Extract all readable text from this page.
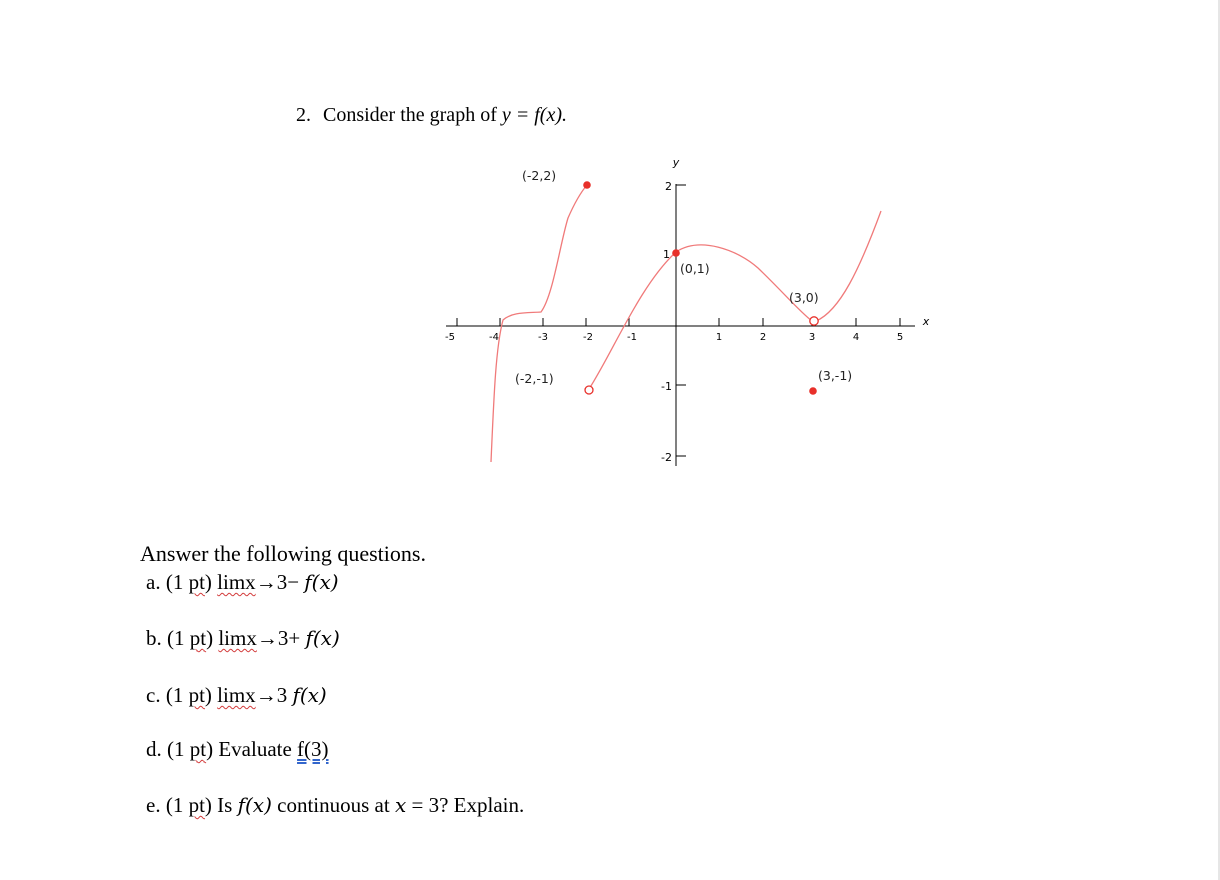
2. Consider the graph of y = f(x).
-5	-4	-3	-2	-1	1	2	3	4	5
2
1
-1
-2
y
x
(-2,2)
(0,1)
(3,0)
(-2,-1)	(3,-1)
Answer the following questions.
a. (1 pt) limx→3− f(x)
b. (1 pt) limx→3+ f(x)
c. (1 pt) limx→3 f(x)
d. (1 pt) Evaluate f(3)
e. (1 pt) Is f(x) continuous at x = 3? Explain.
